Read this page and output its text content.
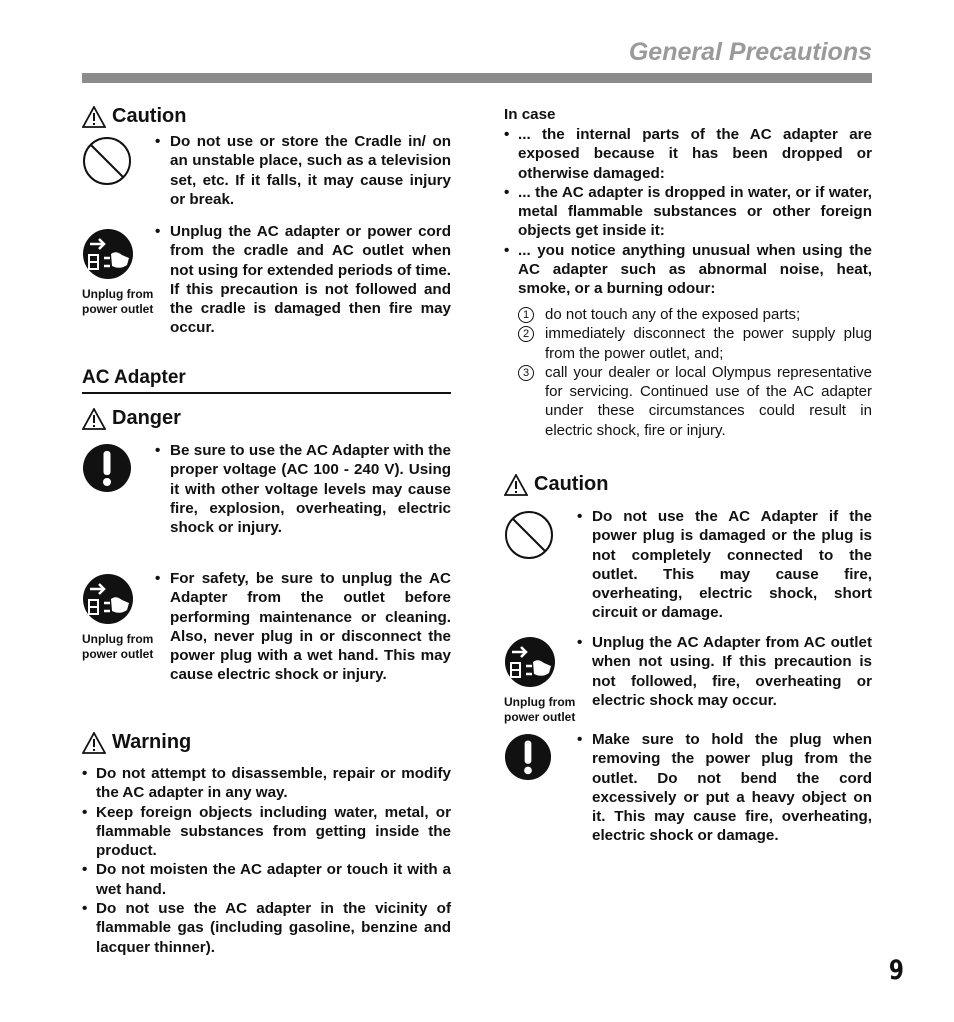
General Precautions
Caution
• Do not use or store the Cradle in/ on an unstable place, such as a television set, etc. If it falls, it may cause injury or break.
Unplug from power outlet
• Unplug the AC adapter or power cord from the cradle and AC outlet when not using for extended periods of time. If this precaution is not followed and the cradle is damaged then fire may occur.
AC Adapter
Danger
• Be sure to use the AC Adapter with the proper voltage (AC 100 - 240 V). Using it with other voltage levels may cause fire, explosion, overheating, electric shock or injury.
Unplug from power outlet
• For safety, be sure to unplug the AC Adapter from the outlet before performing maintenance or cleaning. Also, never plug in or disconnect the power plug with a wet hand. This may cause electric shock or injury.
Warning
• Do not attempt to disassemble, repair or modify the AC adapter in any way.
• Keep foreign objects including water, metal, or flammable substances from getting inside the product.
• Do not moisten the AC adapter or touch it with a wet hand.
• Do not use the AC adapter in the vicinity of flammable gas (including gasoline, benzine and lacquer thinner).
In case
• ... the internal parts of the AC adapter are exposed because it has been dropped or otherwise damaged:
• ... the AC adapter is dropped in water, or if water, metal flammable substances or other foreign objects get inside it:
• ... you notice anything unusual when using the AC adapter such as abnormal noise, heat, smoke, or a burning odour:
1	do not touch any of the exposed parts;
2	immediately disconnect the power supply plug from the power outlet, and;
3	call your dealer or local Olympus representative for servicing. Continued use of the AC adapter under these circumstances could result in electric shock, fire or injury.
Caution
• Do not use the AC Adapter if the power plug is damaged or the plug is not completely connected to the outlet. This may cause fire, overheating, electric shock, short circuit or damage.
Unplug from power outlet
• Unplug the AC Adapter from AC outlet when not using. If this precaution is not followed, fire, overheating or electric shock may occur.
• Make sure to hold the plug when removing the power plug from the outlet. Do not bend the cord excessively or put a heavy object on it. This may cause fire, overheating, electric shock or damage.
9
